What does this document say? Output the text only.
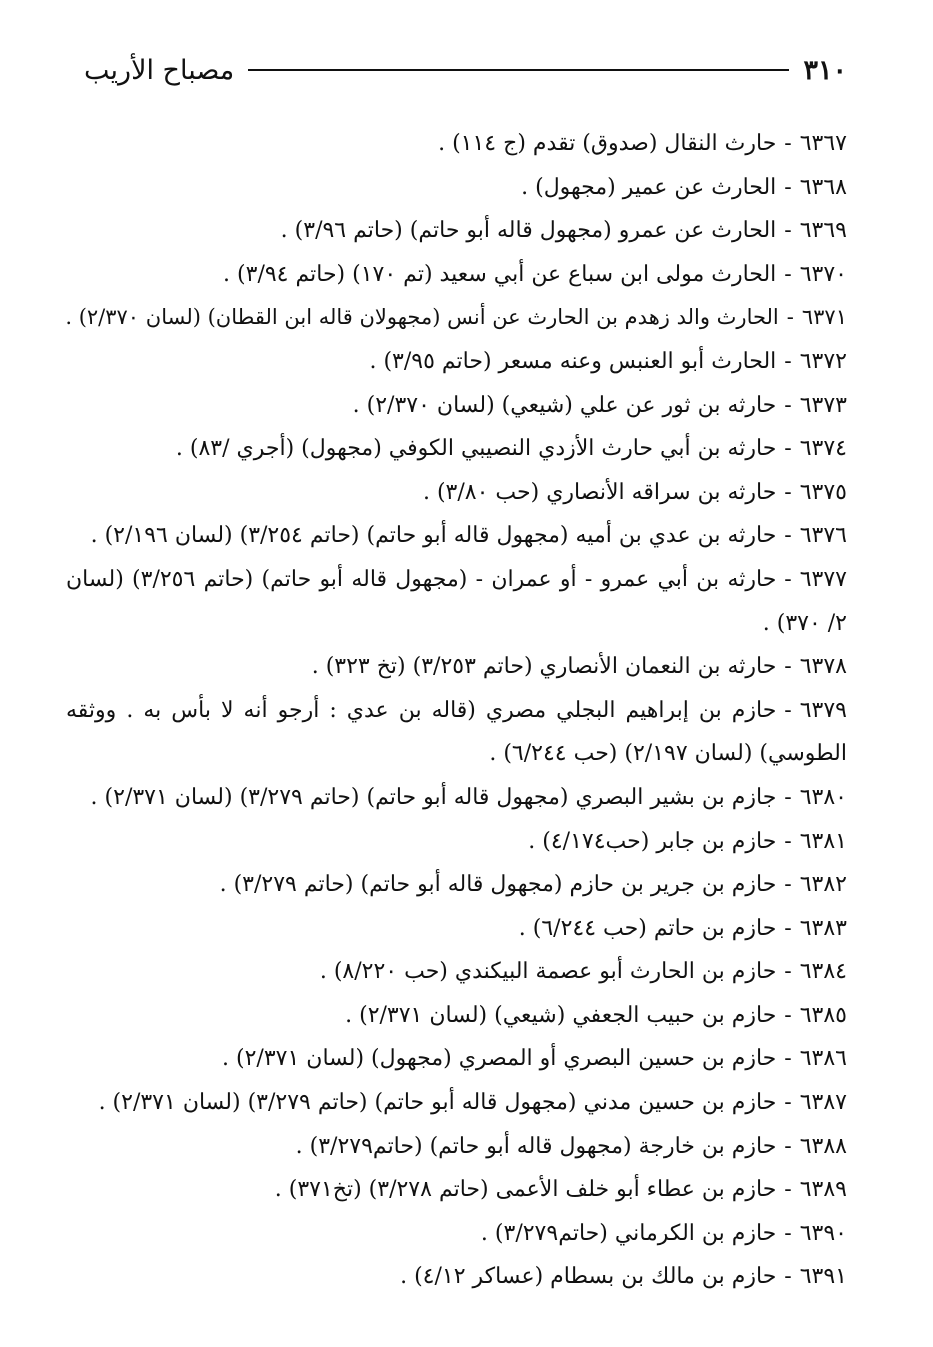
٣١٠
مصباح الأريب
٦٣٦٧-حارث النقال (صدوق) تقدم (ج ١١٤) .
٦٣٦٨-الحارث عن عمير (مجهول) .
٦٣٦٩-الحارث عن عمرو (مجهول قاله أبو حاتم) (حاتم ٣/٩٦) .
٦٣٧٠-الحارث مولى ابن سباع عن أبي سعيد (تم ١٧٠) (حاتم ٣/٩٤) .
٦٣٧١-الحارث والد زهدم بن الحارث عن أنس (مجهولان قاله ابن القطان) (لسان ٢/٣٧٠) .
٦٣٧٢-الحارث أبو العنبس وعنه مسعر (حاتم ٣/٩٥) .
٦٣٧٣-حارثه بن ثور عن علي (شيعي) (لسان ٢/٣٧٠) .
٦٣٧٤-حارثه بن أبي حارث الأزدي النصيبي الكوفي (مجهول) (أجري /٨٣) .
٦٣٧٥-حارثه بن سراقه الأنصاري (حب ٣/٨٠) .
٦٣٧٦-حارثه بن عدي بن أميه (مجهول قاله أبو حاتم) (حاتم ٣/٢٥٤) (لسان ٢/١٩٦) .
٦٣٧٧-حارثه بن أبي عمرو - أو عمران - (مجهول قاله أبو حاتم) (حاتم ٣/٢٥٦) (لسان ٢/ ٣٧٠) .
٦٣٧٨-حارثه بن النعمان الأنصاري (حاتم ٣/٢٥٣) (تخ ٣٢٣) .
٦٣٧٩-حازم بن إبراهيم البجلي مصري (قاله بن عدي : أرجو أنه لا بأس به . ووثقه الطوسي) (لسان ٢/١٩٧) (حب ٦/٢٤٤) .
٦٣٨٠-جازم بن بشير البصري (مجهول قاله أبو حاتم) (حاتم ٣/٢٧٩) (لسان ٢/٣٧١) .
٦٣٨١-حازم بن جابر (حب٤/١٧٤) .
٦٣٨٢-حازم بن جرير بن حازم (مجهول قاله أبو حاتم) (حاتم ٣/٢٧٩) .
٦٣٨٣-حازم بن حاتم (حب ٦/٢٤٤) .
٦٣٨٤-حازم بن الحارث أبو عصمة البيكندي (حب ٨/٢٢٠) .
٦٣٨٥-حازم بن حبيب الجعفي (شيعي) (لسان ٢/٣٧١) .
٦٣٨٦-حازم بن حسين البصري أو المصري (مجهول) (لسان ٢/٣٧١) .
٦٣٨٧-حازم بن حسين مدني (مجهول قاله أبو حاتم) (حاتم ٣/٢٧٩) (لسان ٢/٣٧١) .
٦٣٨٨-حازم بن خارجة (مجهول قاله أبو حاتم) (حاتم٣/٢٧٩) .
٦٣٨٩-حازم بن عطاء أبو خلف الأعمى (حاتم ٣/٢٧٨) (تخ٣٧١) .
٦٣٩٠-حازم بن الكرماني (حاتم٣/٢٧٩) .
٦٣٩١-حازم بن مالك بن بسطام (عساكر ٤/١٢) .
